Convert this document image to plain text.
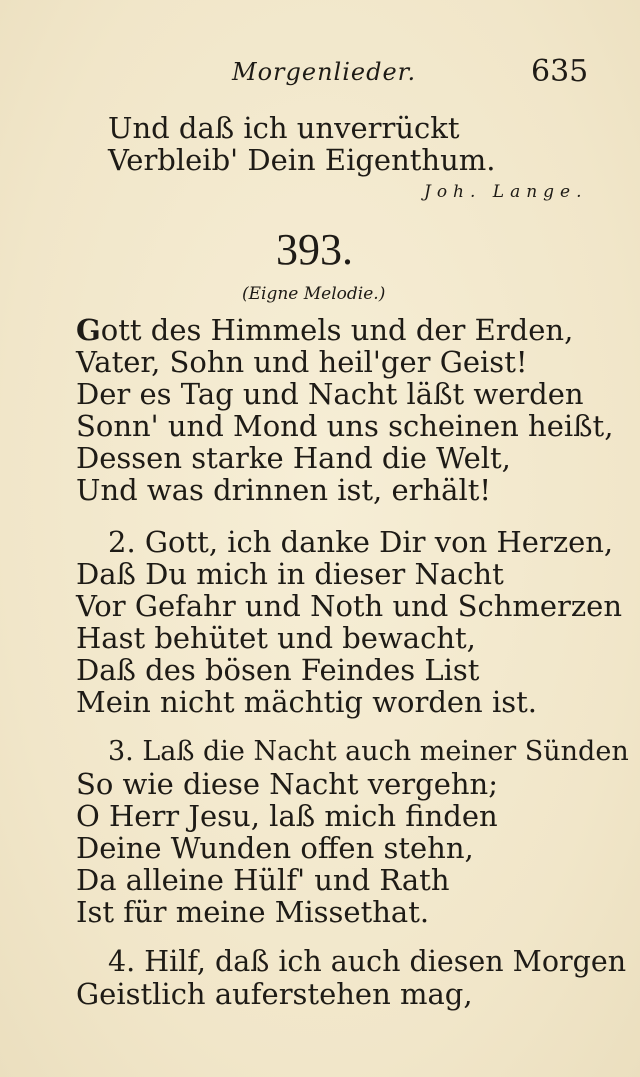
Morgenlieder.	635
Und daß ich unverrückt
Verbleib' Dein Eigenthum.
Joh. Lange.
393.
(Eigne Melodie.)
Gott des Himmels und der Erden,
Vater, Sohn und heil'ger Geist!
Der es Tag und Nacht läßt werden
Sonn' und Mond uns scheinen heißt,
Dessen starke Hand die Welt,
Und was drinnen ist, erhält!
2. Gott, ich danke Dir von Herzen,
Daß Du mich in dieser Nacht
Vor Gefahr und Noth und Schmerzen
Hast behütet und bewacht,
Daß des bösen Feindes List
Mein nicht mächtig worden ist.
3. Laß die Nacht auch meiner Sünden
So wie diese Nacht vergehn;
O Herr Jesu, laß mich finden
Deine Wunden offen stehn,
Da alleine Hülf' und Rath
Ist für meine Missethat.
4. Hilf, daß ich auch diesen Morgen
Geistlich auferstehen mag,
